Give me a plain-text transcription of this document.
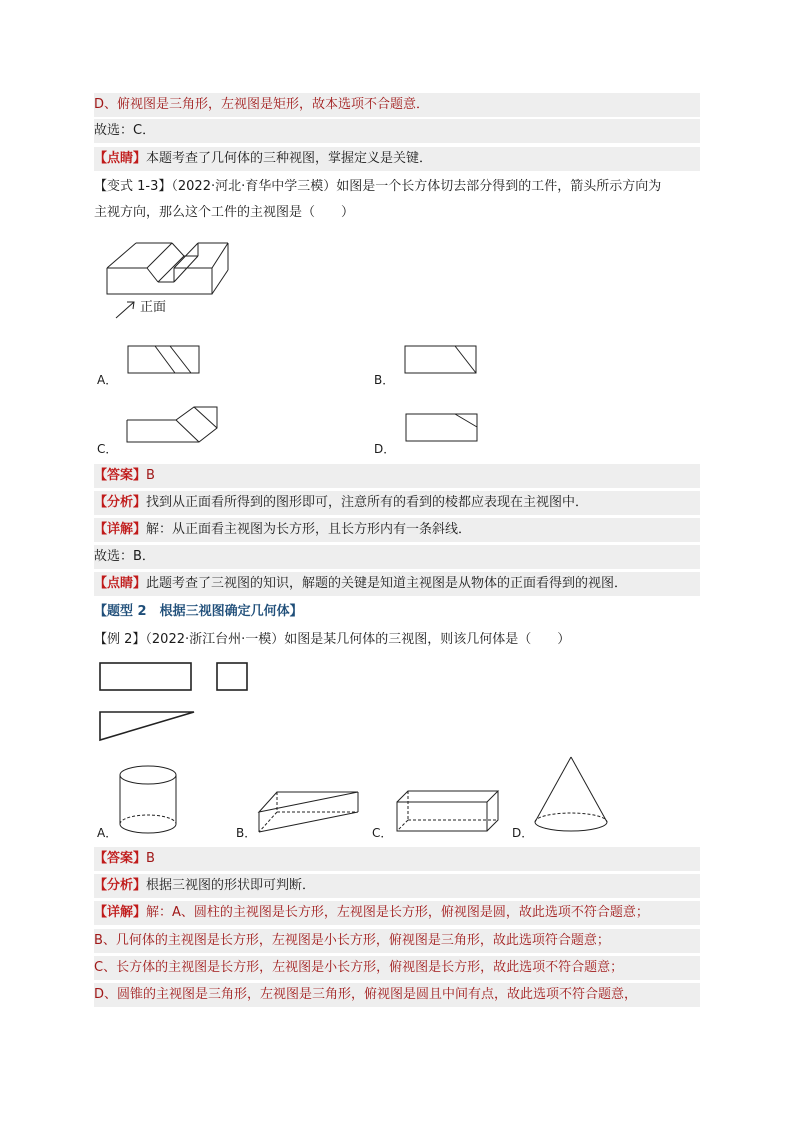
D、俯视图是三角形，左视图是矩形，故本选项不合题意．
故选：C．
【点睛】本题考查了几何体的三种视图，掌握定义是关键．
【变式 1-3】（2022·河北·育华中学三模）如图是一个长方体切去部分得到的工件，箭头所示方向为
主视方向，那么这个工件的主视图是（　　）
正面
A．	B．
C．	D．
【答案】B
【分析】找到从正面看所得到的图形即可，注意所有的看到的棱都应表现在主视图中．
【详解】解：从正面看主视图为长方形，且长方形内有一条斜线．
故选：B．
【点睛】此题考查了三视图的知识，解题的关键是知道主视图是从物体的正面看得到的视图．
【题型 2　根据三视图确定几何体】
【例 2】（2022·浙江台州·一模）如图是某几何体的三视图，则该几何体是（　　）
A．	B．	C．	D．
【答案】B
【分析】根据三视图的形状即可判断．
【详解】解：A、圆柱的主视图是长方形，左视图是长方形，俯视图是圆，故此选项不符合题意；
B、几何体的主视图是长方形，左视图是小长方形，俯视图是三角形，故此选项符合题意；
C、长方体的主视图是长方形，左视图是小长方形，俯视图是长方形，故此选项不符合题意；
D、圆锥的主视图是三角形，左视图是三角形，俯视图是圆且中间有点，故此选项不符合题意，
